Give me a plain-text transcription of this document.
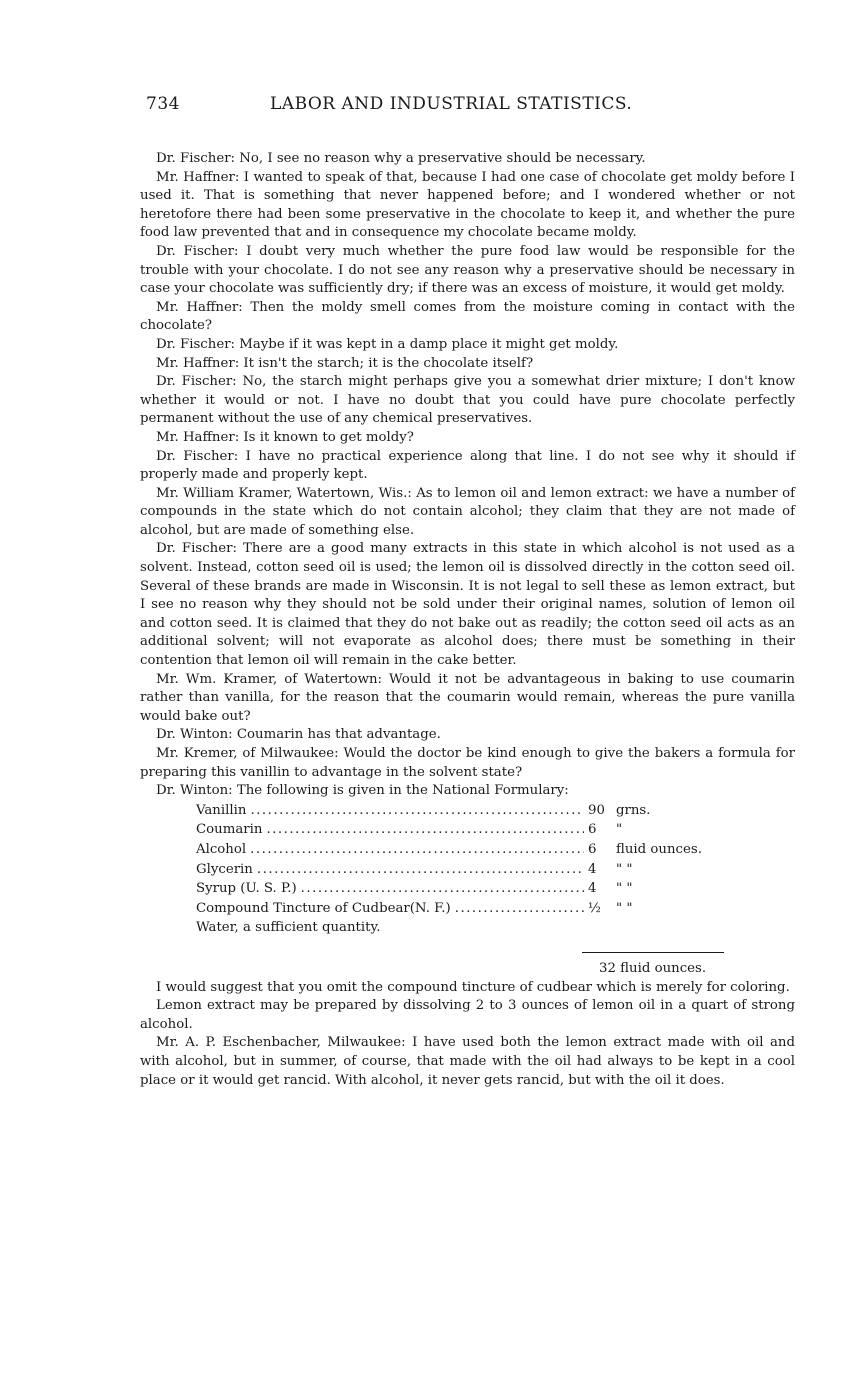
734	LABOR AND INDUSTRIAL STATISTICS.

Dr. Fischer: No, I see no reason why a preservative should be necessary.

Mr. Haffner: I wanted to speak of that, because I had one case of chocolate get moldy before I used it. That is something that never happened before; and I wondered whether or not heretofore there had been some preservative in the chocolate to keep it, and whether the pure food law prevented that and in consequence my chocolate became moldy.

Dr. Fischer: I doubt very much whether the pure food law would be responsible for the trouble with your chocolate. I do not see any reason why a preservative should be necessary in case your chocolate was sufficiently dry; if there was an excess of moisture, it would get moldy.

Mr. Haffner: Then the moldy smell comes from the moisture coming in contact with the chocolate?

Dr. Fischer: Maybe if it was kept in a damp place it might get moldy.

Mr. Haffner: It isn't the starch; it is the chocolate itself?

Dr. Fischer: No, the starch might perhaps give you a somewhat drier mixture; I don't know whether it would or not. I have no doubt that you could have pure chocolate perfectly permanent without the use of any chemical preservatives.

Mr. Haffner: Is it known to get moldy?

Dr. Fischer: I have no practical experience along that line. I do not see why it should if properly made and properly kept.

Mr. William Kramer, Watertown, Wis.: As to lemon oil and lemon extract: we have a number of compounds in the state which do not contain alcohol; they claim that they are not made of alcohol, but are made of something else.

Dr. Fischer: There are a good many extracts in this state in which alcohol is not used as a solvent. Instead, cotton seed oil is used; the lemon oil is dissolved directly in the cotton seed oil. Several of these brands are made in Wisconsin. It is not legal to sell these as lemon extract, but I see no reason why they should not be sold under their original names, solution of lemon oil and cotton seed. It is claimed that they do not bake out as readily; the cotton seed oil acts as an additional solvent; will not evaporate as alcohol does; there must be something in their contention that lemon oil will remain in the cake better.

Mr. Wm. Kramer, of Watertown: Would it not be advantageous in baking to use coumarin rather than vanilla, for the reason that the coumarin would remain, whereas the pure vanilla would bake out?

Dr. Winton: Coumarin has that advantage.

Mr. Kremer, of Milwaukee: Would the doctor be kind enough to give the bakers a formula for preparing this vanillin to advantage in the solvent state?

Dr. Winton: The following is given in the National Formulary:

Vanillin .....	90 grns.
Coumarin .....	6	"
Alcohol .....	6	fluid ounces.
Glycerin .....	4	" "
Syrup (U. S. P.) .....	4	" "
Compound Tincture of Cudbear(N. F.) .....	½	" "
Water, a sufficient quantity.
32 fluid ounces.

I would suggest that you omit the compound tincture of cudbear which is merely for coloring.

Lemon extract may be prepared by dissolving 2 to 3 ounces of lemon oil in a quart of strong alcohol.

Mr. A. P. Eschenbacher, Milwaukee: I have used both the lemon extract made with oil and with alcohol, but in summer, of course, that made with the oil had always to be kept in a cool place or it would get rancid. With alcohol, it never gets rancid, but with the oil it does.
